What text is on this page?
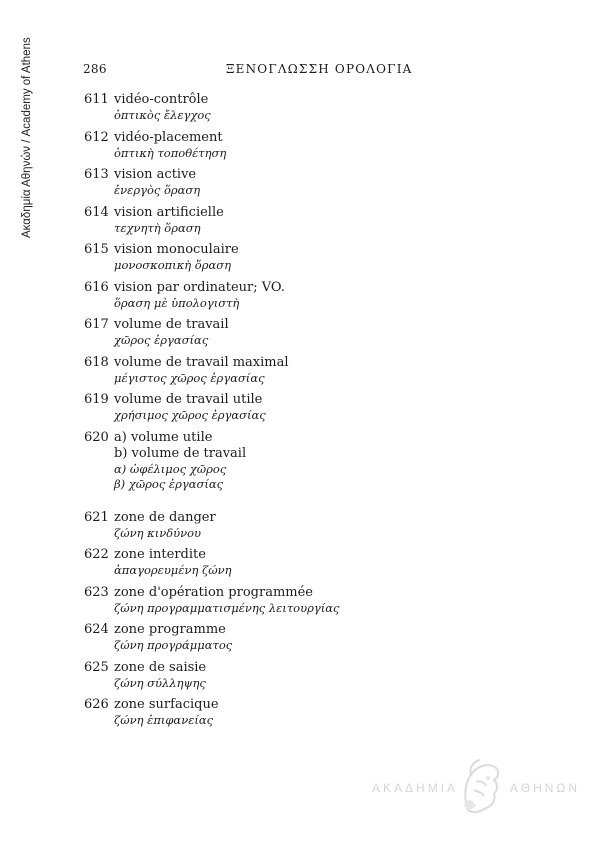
Ακαδημία Αθηνών / Academy of Athens	286	ΞΕΝΟΓΛΩΣΣΗ ΟΡΟΛΟΓΙΑ
611 vidéo-contrôle
ὀπτικὸς ἔλεγχος
612 vidéo-placement
ὀπτικὴ τοποθέτηση
613 vision active
ἐνεργὸς ὅραση
614 vision artificielle
τεχνητὴ ὅραση
615 vision monoculaire
μονοσκοπικὴ ὅραση
616 vision par ordinateur; VO.
ὅραση μὲ ὑπολογιστὴ
617 volume de travail
χῶρος ἐργασίας
618 volume de travail maximal
μέγιστος χῶρος ἐργασίας
619 volume de travail utile
χρήσιμος χῶρος ἐργασίας
620 a) volume utile
b) volume de travail
α) ὠφέλιμος χῶρος
β) χῶρος ἐργασίας
621 zone de danger
ζώνη κινδύνου
622 zone interdite
ἀπαγορευμένη ζώνη
623 zone d'opération programmée
ζώνη προγραμματισμένης λειτουργίας
624 zone programme
ζώνη προγράμματος
625 zone de saisie
ζώνη σύλληψης
626 zone surfacique
ζώνη ἐπιφανείας
ΑΚΑΔΗΜΙΑ	ΑΘΗΝΩΝ
